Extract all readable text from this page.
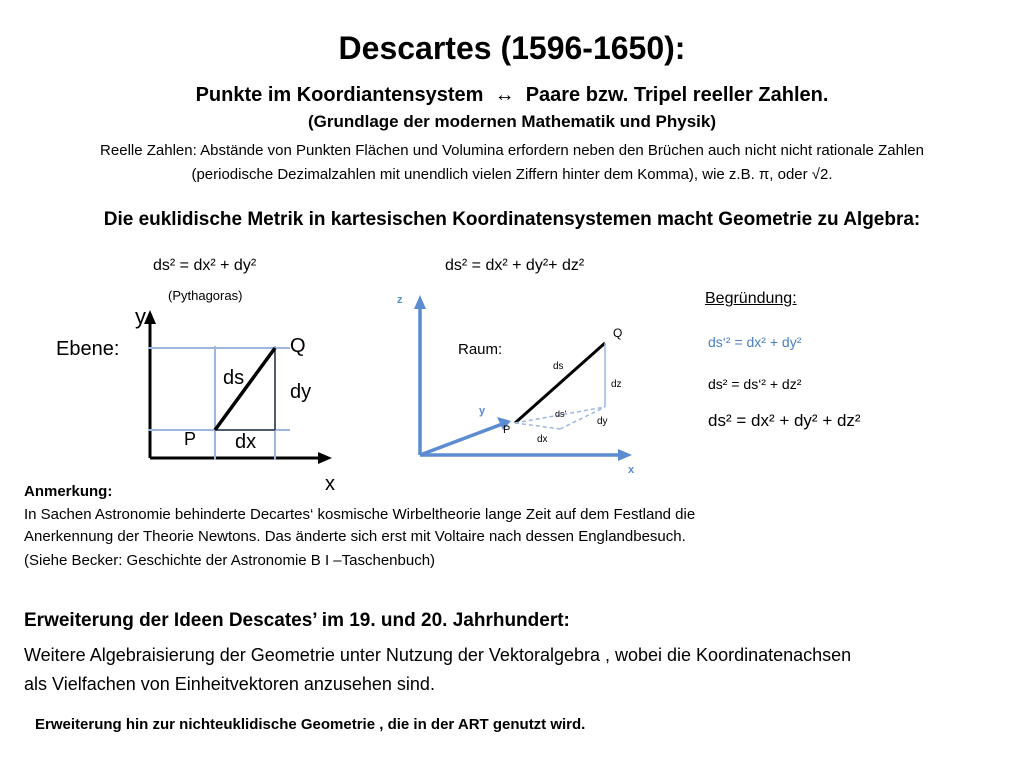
Descartes (1596-1650):
Punkte im Koordiantensystem ↔ Paare bzw. Tripel reeller Zahlen.
(Grundlage der modernen Mathematik und Physik)
Reelle Zahlen: Abstände von Punkten Flächen und Volumina erfordern neben den Brüchen auch nicht nicht rationale Zahlen
(periodische Dezimalzahlen mit unendlich vielen Ziffern hinter dem Komma), wie z.B. π, oder √2.
Die euklidische Metrik in kartesischen Koordinatensystemen macht Geometrie zu Algebra:
ds² = dx² + dy²	ds² = dx² + dy²+ dz²
(Pythagoras)
Ebene:
y
x
Q
ds
dy
P dx
z
x
y
Raum:
Q
ds
dz
P
ds'
dy
dx
Begründung:
ds‘² = dx² + dy²
ds² = ds‘² + dz²
ds² = dx² + dy² + dz²
Anmerkung:
In Sachen Astronomie behinderte Decartes‘ kosmische Wirbeltheorie lange Zeit auf dem Festland die
Anerkennung der Theorie Newtons. Das änderte sich erst mit Voltaire nach dessen Englandbesuch.
(Siehe Becker: Geschichte der Astronomie B I –Taschenbuch)
Erweiterung der Ideen Descates’ im 19. und 20. Jahrhundert:
Weitere Algebraisierung der Geometrie unter Nutzung der Vektoralgebra , wobei die Koordinatenachsen
als Vielfachen von Einheitvektoren anzusehen sind.
Erweiterung hin zur nichteuklidische Geometrie , die in der ART genutzt wird.
